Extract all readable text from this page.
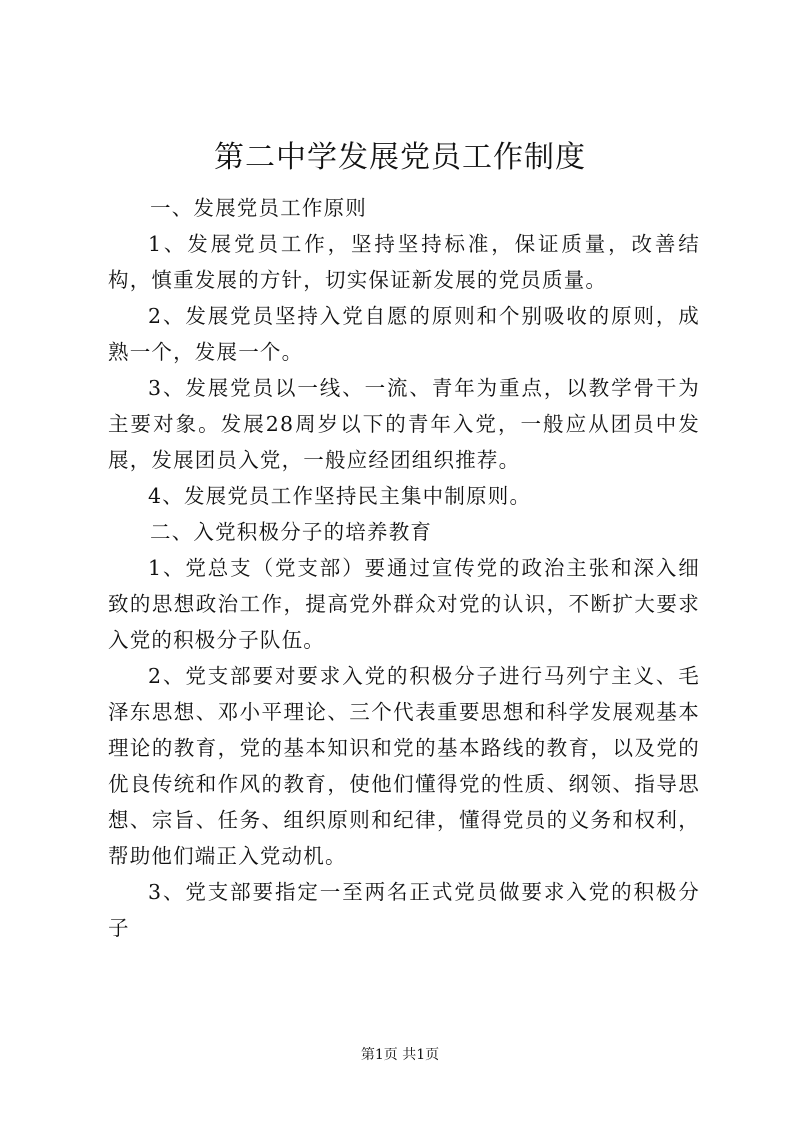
第二中学发展党员工作制度

一、发展党员工作原则

1、发展党员工作，坚持坚持标准，保证质量，改善结构，慎重发展的方针，切实保证新发展的党员质量。

2、发展党员坚持入党自愿的原则和个别吸收的原则，成熟一个，发展一个。

3、发展党员以一线、一流、青年为重点，以教学骨干为主要对象。发展28周岁以下的青年入党，一般应从团员中发展，发展团员入党，一般应经团组织推荐。

4、发展党员工作坚持民主集中制原则。

二、入党积极分子的培养教育

1、党总支（党支部）要通过宣传党的政治主张和深入细致的思想政治工作，提高党外群众对党的认识，不断扩大要求入党的积极分子队伍。

2、党支部要对要求入党的积极分子进行马列宁主义、毛泽东思想、邓小平理论、三个代表重要思想和科学发展观基本理论的教育，党的基本知识和党的基本路线的教育，以及党的优良传统和作风的教育，使他们懂得党的性质、纲领、指导思想、宗旨、任务、组织原则和纪律，懂得党员的义务和权利，帮助他们端正入党动机。

3、党支部要指定一至两名正式党员做要求入党的积极分子

第1页 共1页
